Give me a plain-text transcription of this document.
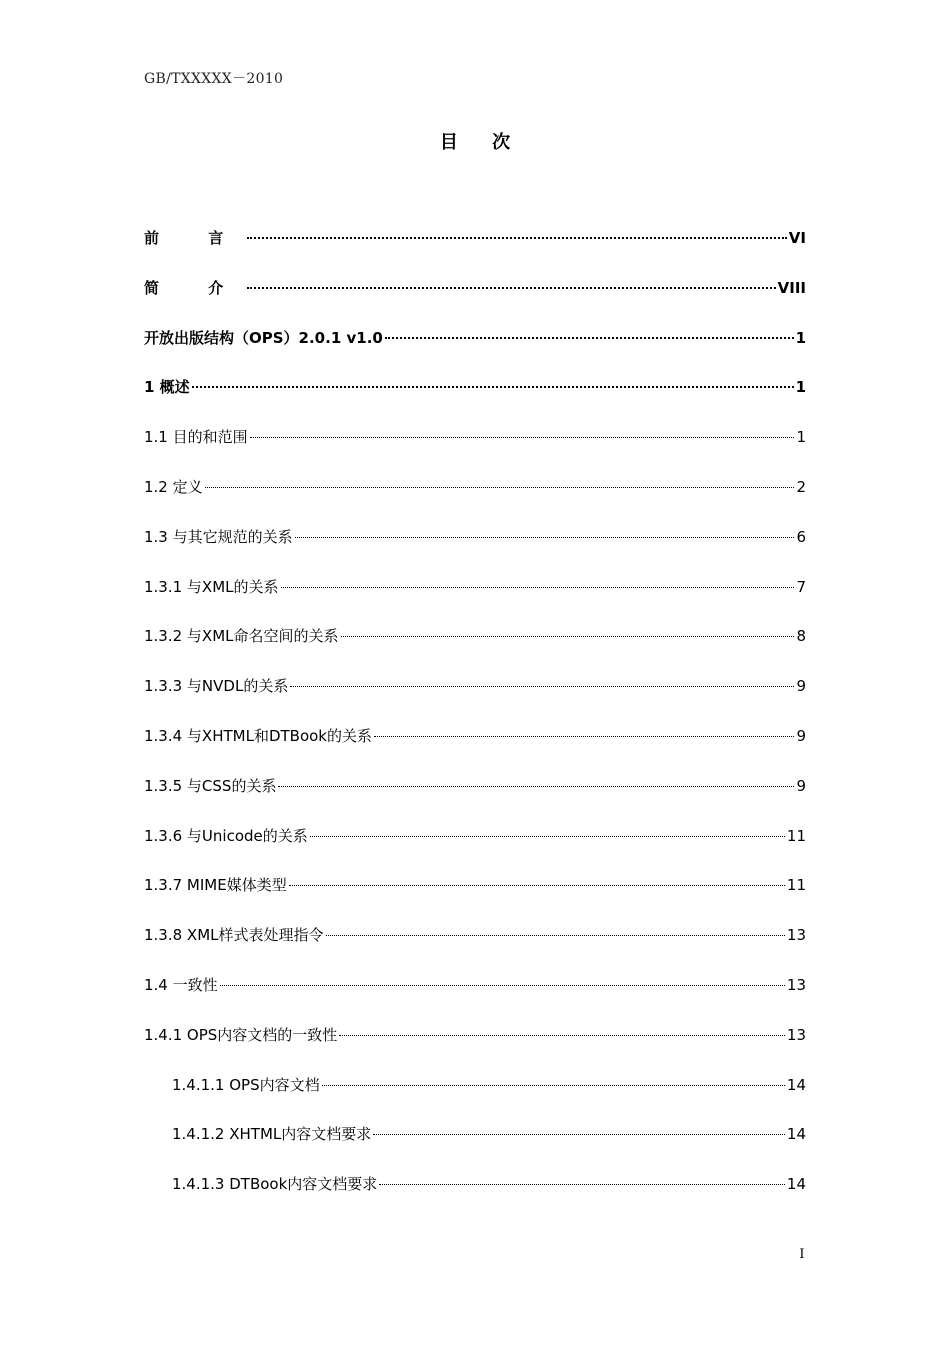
GB/TXXXXX－2010
目 次
前 言	VI
简 介	VIII
开放出版结构（OPS）2.0.1 v1.0	1
1 概述	1
1.1 目的和范围	1
1.2 定义	2
1.3 与其它规范的关系	6
1.3.1 与XML的关系	7
1.3.2 与XML命名空间的关系	8
1.3.3 与NVDL的关系	9
1.3.4 与XHTML和DTBook的关系	9
1.3.5 与CSS的关系	9
1.3.6 与Unicode的关系	11
1.3.7 MIME媒体类型	11
1.3.8 XML样式表处理指令	13
1.4 一致性	13
1.4.1 OPS内容文档的一致性	13
1.4.1.1 OPS内容文档	14
1.4.1.2 XHTML内容文档要求	14
1.4.1.3 DTBook内容文档要求	14
I
